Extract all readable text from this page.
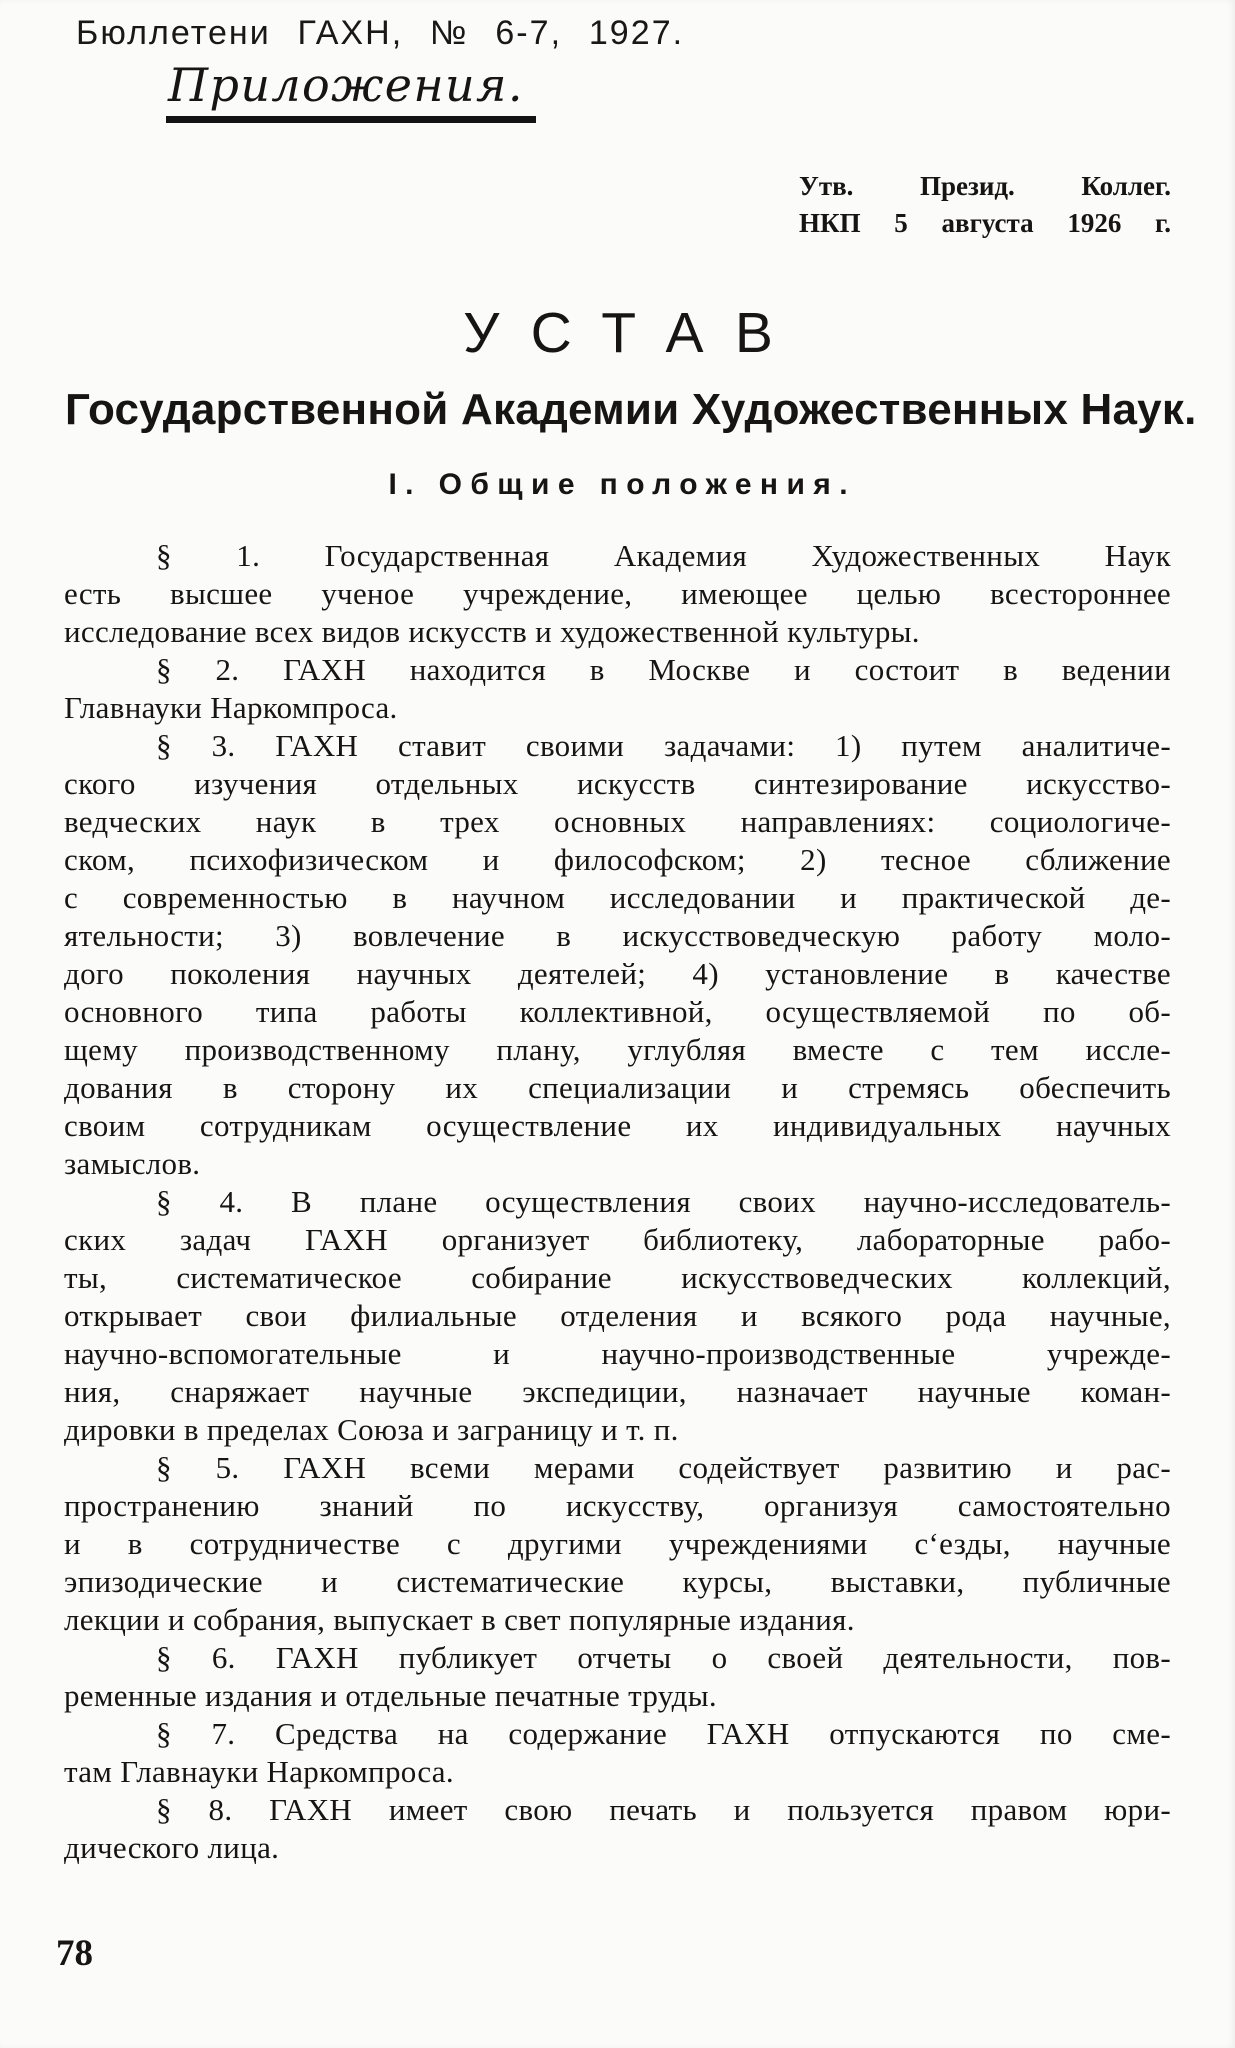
Бюллетени ГАХН, № 6-7, 1927.
Приложения.
Утв. Презид. Коллег.
НКП 5 августа 1926 г.
УСТАВ
Государственной Академии Художественных Наук.
I. Общие положения.
§ 1. Государственная Академия Художественных Наук
есть высшее ученое учреждение, имеющее целью всестороннее
исследование всех видов искусств и художественной культуры.
§ 2. ГАХН находится в Москве и состоит в ведении
Главнауки Наркомпроса.
§ 3. ГАХН ставит своими задачами: 1) путем аналитиче-
ского изучения отдельных искусств синтезирование искусство-
ведческих наук в трех основных направлениях: социологиче-
ском, психофизическом и философском; 2) тесное сближение
с современностью в научном исследовании и практической де-
ятельности; 3) вовлечение в искусствоведческую работу моло-
дого поколения научных деятелей; 4) установление в качестве
основного типа работы коллективной, осуществляемой по об-
щему производственному плану, углубляя вместе с тем иссле-
дования в сторону их специализации и стремясь обеспечить
своим сотрудникам осуществление их индивидуальных научных
замыслов.
§ 4. В плане осуществления своих научно-исследователь-
ских задач ГАХН организует библиотеку, лабораторные рабо-
ты, систематическое собирание искусствоведческих коллекций,
открывает свои филиальные отделения и всякого рода научные,
научно-вспомогательные и научно-производственные учрежде-
ния, снаряжает научные экспедиции, назначает научные коман-
дировки в пределах Союза и заграницу и т. п.
§ 5. ГАХН всеми мерами содействует развитию и рас-
пространению знаний по искусству, организуя самостоятельно
и в сотрудничестве с другими учреждениями с‘езды, научные
эпизодические и систематические курсы, выставки, публичные
лекции и собрания, выпускает в свет популярные издания.
§ 6. ГАХН публикует отчеты о своей деятельности, пов-
ременные издания и отдельные печатные труды.
§ 7. Средства на содержание ГАХН отпускаются по сме-
там Главнауки Наркомпроса.
§ 8. ГАХН имеет свою печать и пользуется правом юри-
дического лица.
78
